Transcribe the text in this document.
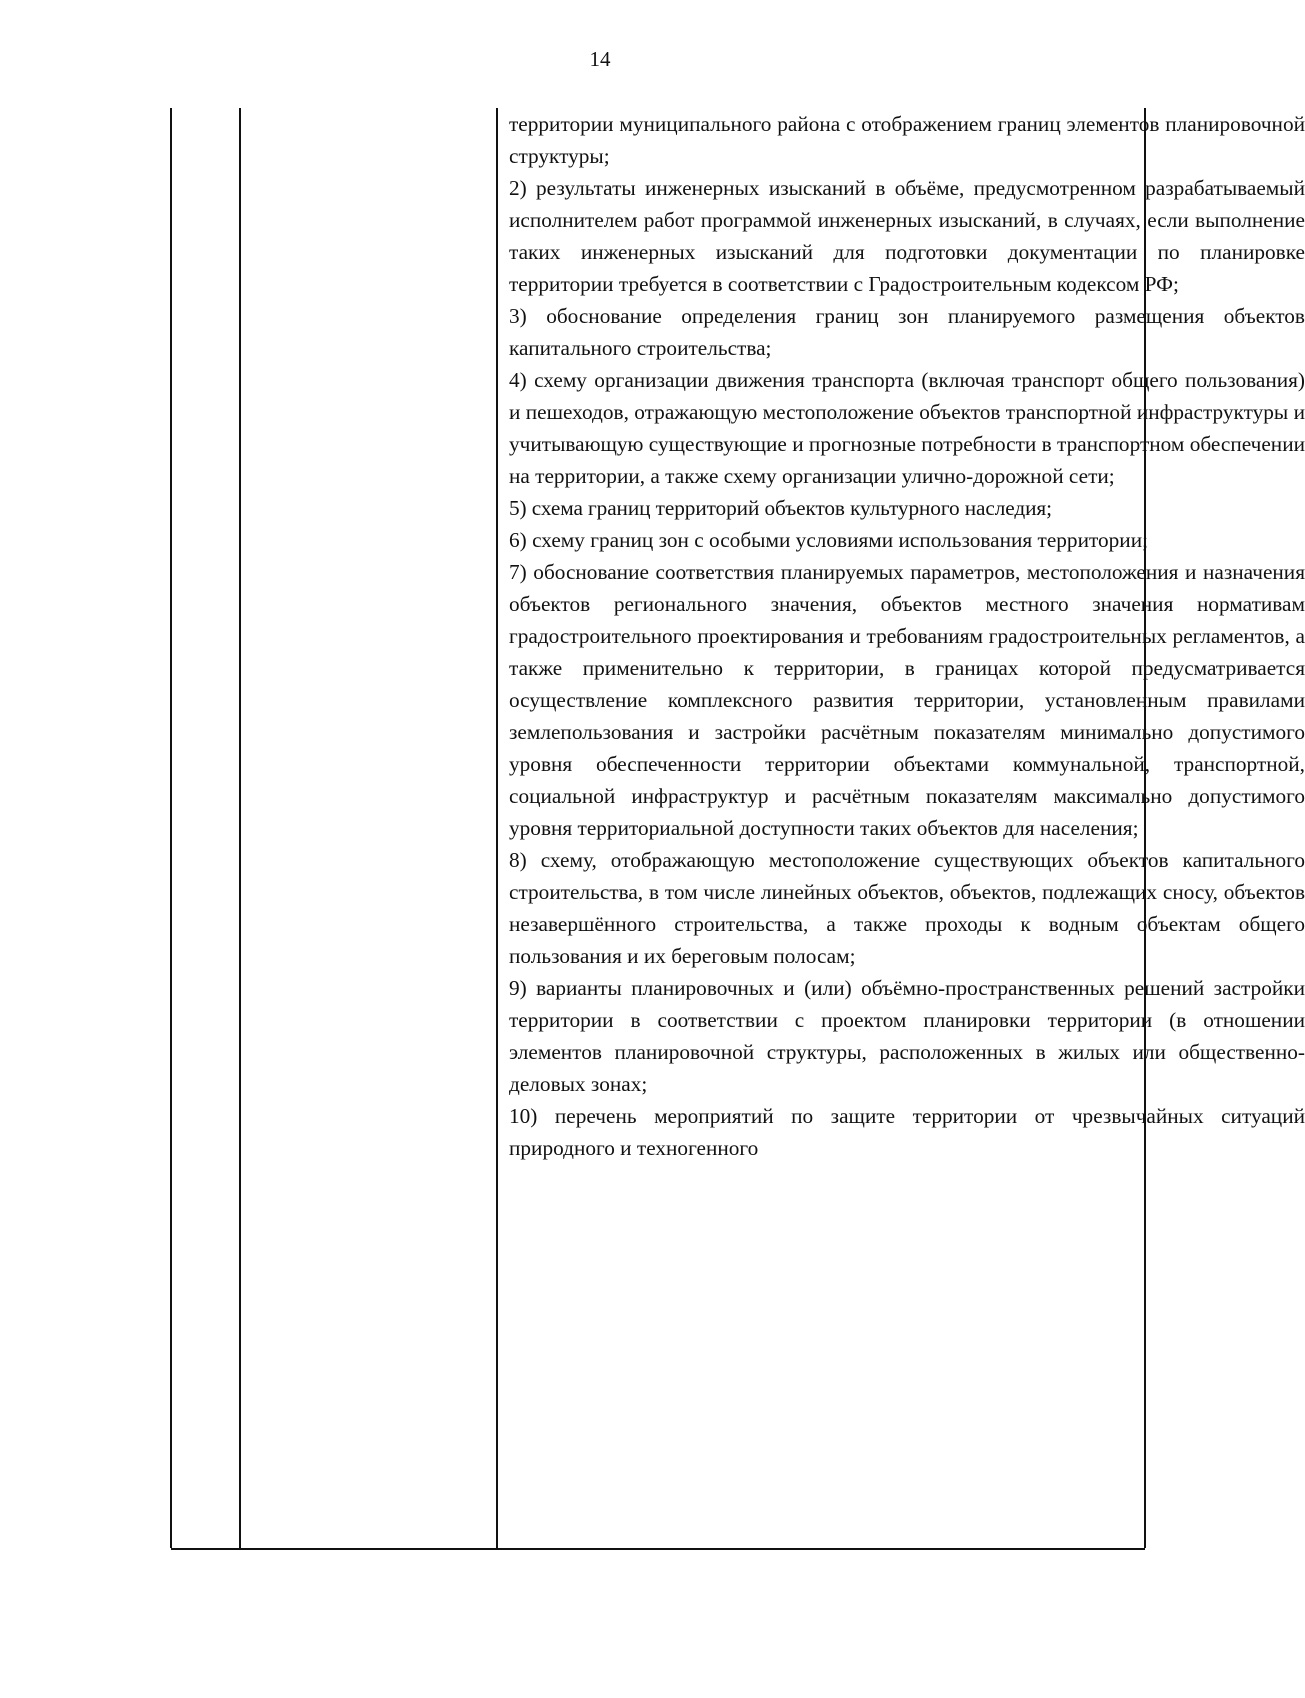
14

территории муниципального района с отображением границ элементов планировочной структуры;

2) результаты инженерных изысканий в объёме, предусмотренном разрабатываемый исполнителем работ программой инженерных изысканий, в случаях, если выполнение таких инженерных изысканий для подготовки документации по планировке территории требуется в соответствии с Градостроительным кодексом РФ;

3) обоснование определения границ зон планируемого размещения объектов капитального строительства;

4) схему организации движения транспорта (включая транспорт общего пользования) и пешеходов, отражающую местоположение объектов транспортной инфраструктуры и учитывающую существующие и прогнозные потребности в транспортном обеспечении на территории, а также схему организации улично-дорожной сети;

5) схема границ территорий объектов культурного наследия;

6) схему границ зон с особыми условиями использования территории;

7) обоснование соответствия планируемых параметров, местоположения и назначения объектов регионального значения, объектов местного значения нормативам градостроительного проектирования и требованиям градостроительных регламентов, а также применительно к территории, в границах которой предусматривается осуществление комплексного развития территории, установленным правилами землепользования и застройки расчётным показателям минимально допустимого уровня обеспеченности территории объектами коммунальной, транспортной, социальной инфраструктур и расчётным показателям максимально допустимого уровня территориальной доступности таких объектов для населения;

8) схему, отображающую местоположение существующих объектов капитального строительства, в том числе линейных объектов, объектов, подлежащих сносу, объектов незавершённого строительства, а также проходы к водным объектам общего пользования и их береговым полосам;

9) варианты планировочных и (или) объёмно-пространственных решений застройки территории в соответствии с проектом планировки территории (в отношении элементов планировочной структуры, расположенных в жилых или общественно-деловых зонах;

10) перечень мероприятий по защите территории от чрезвычайных ситуаций природного и техногенного
